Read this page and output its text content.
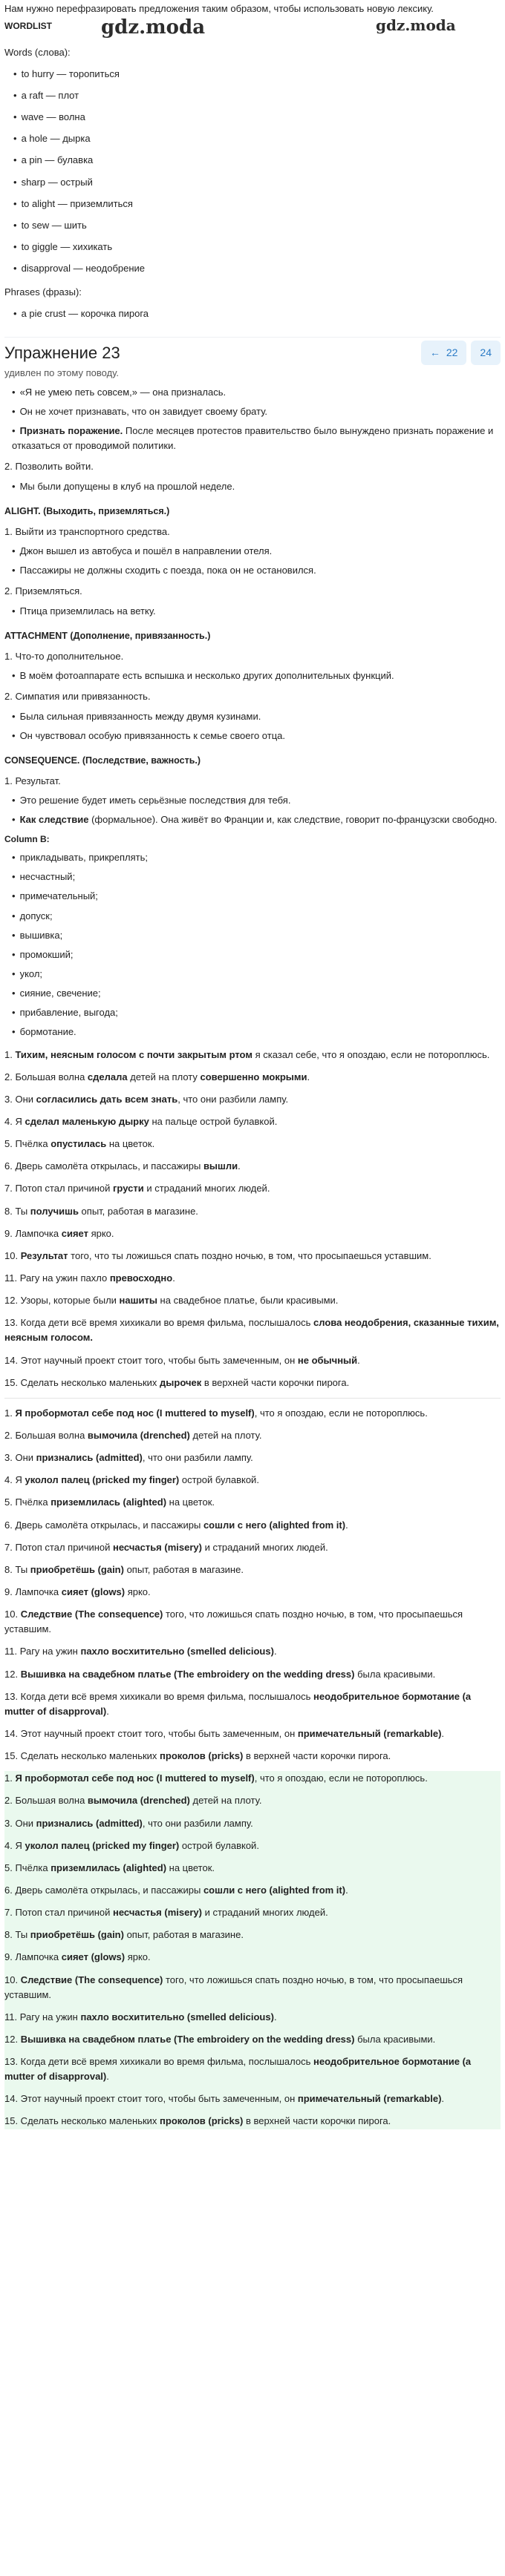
Нам нужно перефразировать предложения таким образом, чтобы использовать новую лексику.

WORDLIST	gdz.moda	gdz.moda
Words (слова):
• to hurry — торопиться
• a raft — плот
• wave — волна
• a hole — дырка
• a pin — булавка
• sharp — острый
• to alight — приземлиться
• to sew — шить
• to giggle — хихикать
• disapproval — неодобрение
Phrases (фразы):
• a pie crust — корочка пирога
Упражнение 23	← 22 24
удивлен по этому поводу.
• «Я не умею петь совсем,» — она призналась.
• Он не хочет признавать, что он завидует своему брату.
• Признать поражение. После месяцев протестов правительство было вынуждено признать поражение и отказаться от проводимой политики.
2. Позволить войти.
• Мы были допущены в клуб на прошлой неделе.
ALIGHT. (Выходить, приземляться.)
1. Выйти из транспортного средства.
• Джон вышел из автобуса и пошёл в направлении отеля.
• Пассажиры не должны сходить с поезда, пока он не остановился.
2. Приземляться.
• Птица приземлилась на ветку.
ATTACHMENT (Дополнение, привязанность.)
1. Что-то дополнительное.
• В моём фотоаппарате есть вспышка и несколько других дополнительных функций.
2. Симпатия или привязанность.
• Была сильная привязанность между двумя кузинами.
• Он чувствовал особую привязанность к семье своего отца.
CONSEQUENCE. (Последствие, важность.)
1. Результат.
• Это решение будет иметь серьёзные последствия для тебя.
• Как следствие (формальное). Она живёт во Франции и, как следствие, говорит по-французски свободно.
Column B:
• прикладывать, прикреплять;
• несчастный;
• примечательный;
• допуск;
• вышивка;
• промокший;
• укол;
• сияние, свечение;
• прибавление, выгода;
• бормотание.

1. Тихим, неясным голосом с почти закрытым ртом я сказал себе, что я опоздаю, если не потороплюсь.

2. Большая волна сделала детей на плоту совершенно мокрыми.

3. Они согласились дать всем знать, что они разбили лампу.

4. Я сделал маленькую дырку на пальце острой булавкой.

5. Пчёлка опустилась на цветок.

6. Дверь самолёта открылась, и пассажиры вышли.

7. Потоп стал причиной грусти и страданий многих людей.

8. Ты получишь опыт, работая в магазине.

9. Лампочка сияет ярко.

10. Результат того, что ты ложишься спать поздно ночью, в том, что просыпаешься уставшим.

11. Рагу на ужин пахло превосходно.

12. Узоры, которые были нашиты на свадебное платье, были красивыми.

13. Когда дети всё время хихикали во время фильма, послышалось слова неодобрения, сказанные тихим, неясным голосом.

14. Этот научный проект стоит того, чтобы быть замеченным, он не обычный.

15. Сделать несколько маленьких дырочек в верхней части корочки пирога.

1. Я пробормотал себе под нос (I muttered to myself), что я опоздаю, если не потороплюсь.

2. Большая волна вымочила (drenched) детей на плоту.

3. Они признались (admitted), что они разбили лампу.

4. Я уколол палец (pricked my finger) острой булавкой.

5. Пчёлка приземлилась (alighted) на цветок.

6. Дверь самолёта открылась, и пассажиры сошли с него (alighted from it).

7. Потоп стал причиной несчастья (misery) и страданий многих людей.

8. Ты приобретёшь (gain) опыт, работая в магазине.

9. Лампочка сияет (glows) ярко.

10. Следствие (The consequence) того, что ложишься спать поздно ночью, в том, что просыпаешься уставшим.

11. Рагу на ужин пахло восхитительно (smelled delicious).

12. Вышивка на свадебном платье (The embroidery on the wedding dress) была красивыми.

13. Когда дети всё время хихикали во время фильма, послышалось неодобрительное бормотание (a mutter of disapproval).

14. Этот научный проект стоит того, чтобы быть замеченным, он примечательный (remarkable).

15. Сделать несколько маленьких проколов (pricks) в верхней части корочки пирога.

1. Я пробормотал себе под нос (I muttered to myself), что я опоздаю, если не потороплюсь.

2. Большая волна вымочила (drenched) детей на плоту.

3. Они признались (admitted), что они разбили лампу.

4. Я уколол палец (pricked my finger) острой булавкой.

5. Пчёлка приземлилась (alighted) на цветок.

6. Дверь самолёта открылась, и пассажиры сошли с него (alighted from it).

7. Потоп стал причиной несчастья (misery) и страданий многих людей.

8. Ты приобретёшь (gain) опыт, работая в магазине.

9. Лампочка сияет (glows) ярко.

10. Следствие (The consequence) того, что ложишься спать поздно ночью, в том, что просыпаешься уставшим.

11. Рагу на ужин пахло восхитительно (smelled delicious).

12. Вышивка на свадебном платье (The embroidery on the wedding dress) была красивыми.

13. Когда дети всё время хихикали во время фильма, послышалось неодобрительное бормотание (a mutter of disapproval).

14. Этот научный проект стоит того, чтобы быть замеченным, он примечательный (remarkable).

15. Сделать несколько маленьких проколов (pricks) в верхней части корочки пирога.
